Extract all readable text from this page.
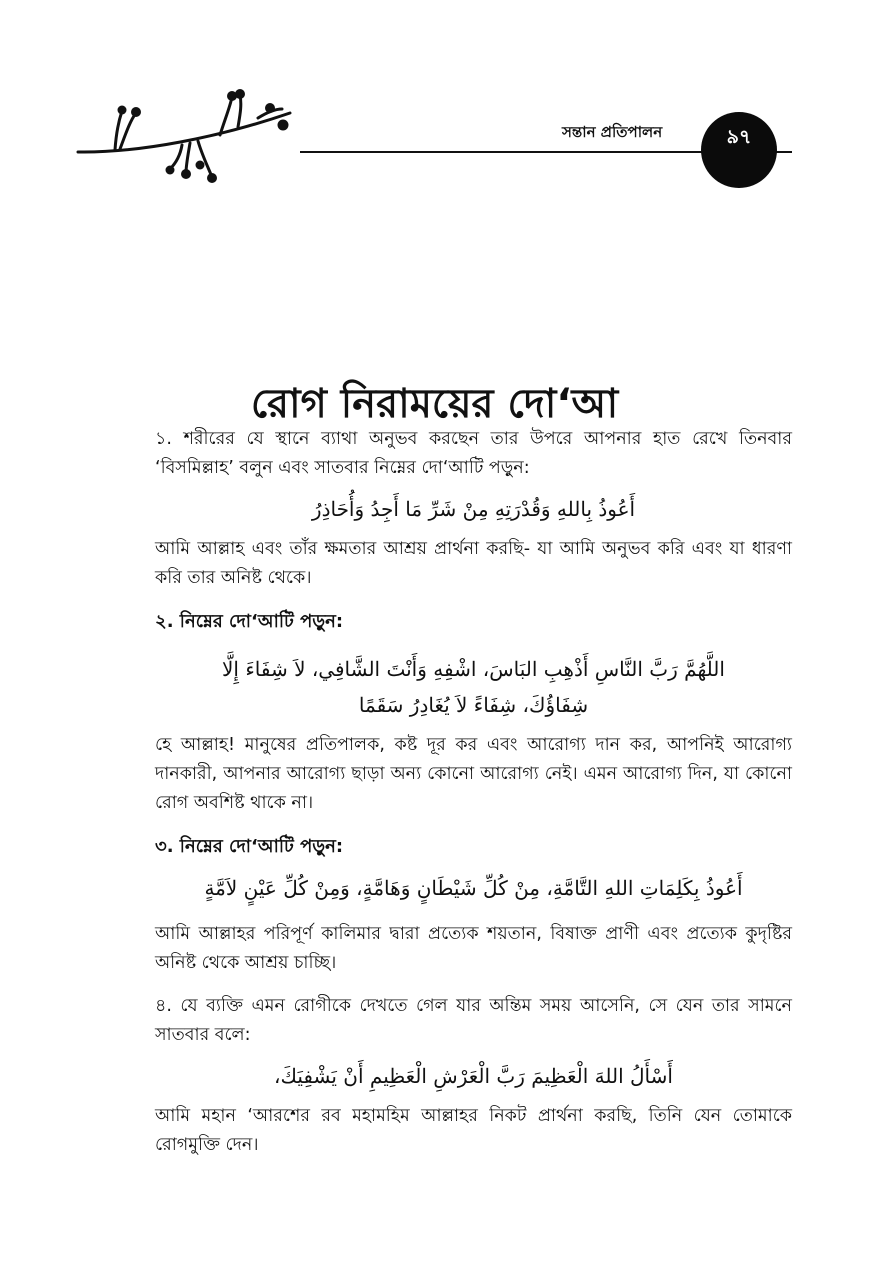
সন্তান প্রতিপালন	৯৭
রোগ নিরাময়ের দো‘আ

১. শরীরের যে স্থানে ব্যাথা অনুভব করছেন তার উপরে আপনার হাত রেখে তিনবার ‘বিসমিল্লাহ’ বলুন এবং সাতবার নিম্নের দো‘আটি পড়ুন:

أَعُوذُ بِاللهِ وَقُدْرَتِهِ مِنْ شَرِّ مَا أَجِدُ وَأُحَاذِرُ

আমি আল্লাহ এবং তাঁর ক্ষমতার আশ্রয় প্রার্থনা করছি- যা আমি অনুভব করি এবং যা ধারণা করি তার অনিষ্ট থেকে।

২. নিম্নের দো‘আটি পড়ুন:

اللَّهُمَّ رَبَّ النَّاسِ أَذْهِبِ البَاسَ، اشْفِهِ وَأَنْتَ الشَّافِي، لاَ شِفَاءَ إِلَّا

شِفَاؤُكَ، شِفَاءً لاَ يُغَادِرُ سَقَمًا

হে আল্লাহ! মানুষের প্রতিপালক, কষ্ট দূর কর এবং আরোগ্য দান কর, আপনিই আরোগ্য দানকারী, আপনার আরোগ্য ছাড়া অন্য কোনো আরোগ্য নেই। এমন আরোগ্য দিন, যা কোনো রোগ অবশিষ্ট থাকে না।

৩. নিম্নের দো‘আটি পড়ুন:

أَعُوذُ بِكَلِمَاتِ اللهِ التَّامَّةِ، مِنْ كُلِّ شَيْطَانٍ وَهَامَّةٍ، وَمِنْ كُلِّ عَيْنٍ لاَمَّةٍ

আমি আল্লাহর পরিপূর্ণ কালিমার দ্বারা প্রত্যেক শয়তান, বিষাক্ত প্রাণী এবং প্রত্যেক কুদৃষ্টির অনিষ্ট থেকে আশ্রয় চাচ্ছি।

৪. যে ব্যক্তি এমন রোগীকে দেখতে গেল যার অন্তিম সময় আসেনি, সে যেন তার সামনে সাতবার বলে:

أَسْأَلُ اللهَ الْعَظِيمَ رَبَّ الْعَرْشِ الْعَظِيمِ أَنْ يَشْفِيَكَ،

আমি মহান ‘আরশের রব মহামহিম আল্লাহর নিকট প্রার্থনা করছি, তিনি যেন তোমাকে রোগমুক্তি দেন।
